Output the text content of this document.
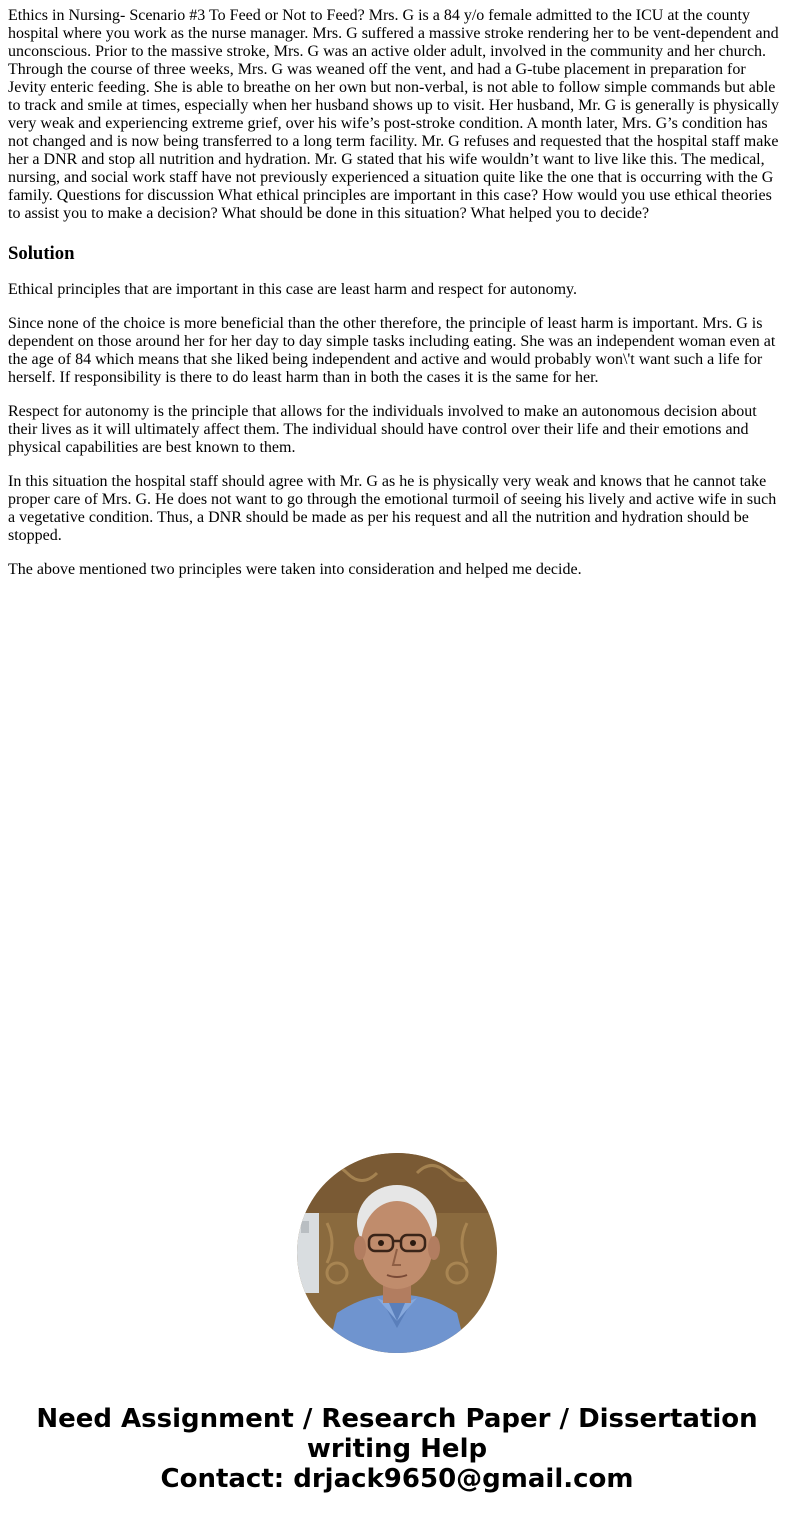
Ethics in Nursing- Scenario #3 To Feed or Not to Feed? Mrs. G is a 84 y/o female admitted to the ICU at the county hospital where you work as the nurse manager. Mrs. G suffered a massive stroke rendering her to be vent-dependent and unconscious. Prior to the massive stroke, Mrs. G was an active older adult, involved in the community and her church. Through the course of three weeks, Mrs. G was weaned off the vent, and had a G-tube placement in preparation for Jevity enteric feeding. She is able to breathe on her own but non-verbal, is not able to follow simple commands but able to track and smile at times, especially when her husband shows up to visit. Her husband, Mr. G is generally is physically very weak and experiencing extreme grief, over his wife’s post-stroke condition. A month later, Mrs. G’s condition has not changed and is now being transferred to a long term facility. Mr. G refuses and requested that the hospital staff make her a DNR and stop all nutrition and hydration. Mr. G stated that his wife wouldn’t want to live like this. The medical, nursing, and social work staff have not previously experienced a situation quite like the one that is occurring with the G family. Questions for discussion What ethical principles are important in this case? How would you use ethical theories to assist you to make a decision? What should be done in this situation? What helped you to decide?

Solution

Ethical principles that are important in this case are least harm and respect for autonomy.

Since none of the choice is more beneficial than the other therefore, the principle of least harm is important. Mrs. G is dependent on those around her for her day to day simple tasks including eating. She was an independent woman even at the age of 84 which means that she liked being independent and active and would probably won\'t want such a life for herself. If responsibility is there to do least harm than in both the cases it is the same for her.

Respect for autonomy is the principle that allows for the individuals involved to make an autonomous decision about their lives as it will ultimately affect them. The individual should have control over their life and their emotions and physical capabilities are best known to them.

In this situation the hospital staff should agree with Mr. G as he is physically very weak and knows that he cannot take proper care of Mrs. G. He does not want to go through the emotional turmoil of seeing his lively and active wife in such a vegetative condition. Thus, a DNR should be made as per his request and all the nutrition and hydration should be stopped.

The above mentioned two principles were taken into consideration and helped me decide.

Need Assignment / Research Paper / Dissertation
writing Help
Contact: drjack9650@gmail.com
